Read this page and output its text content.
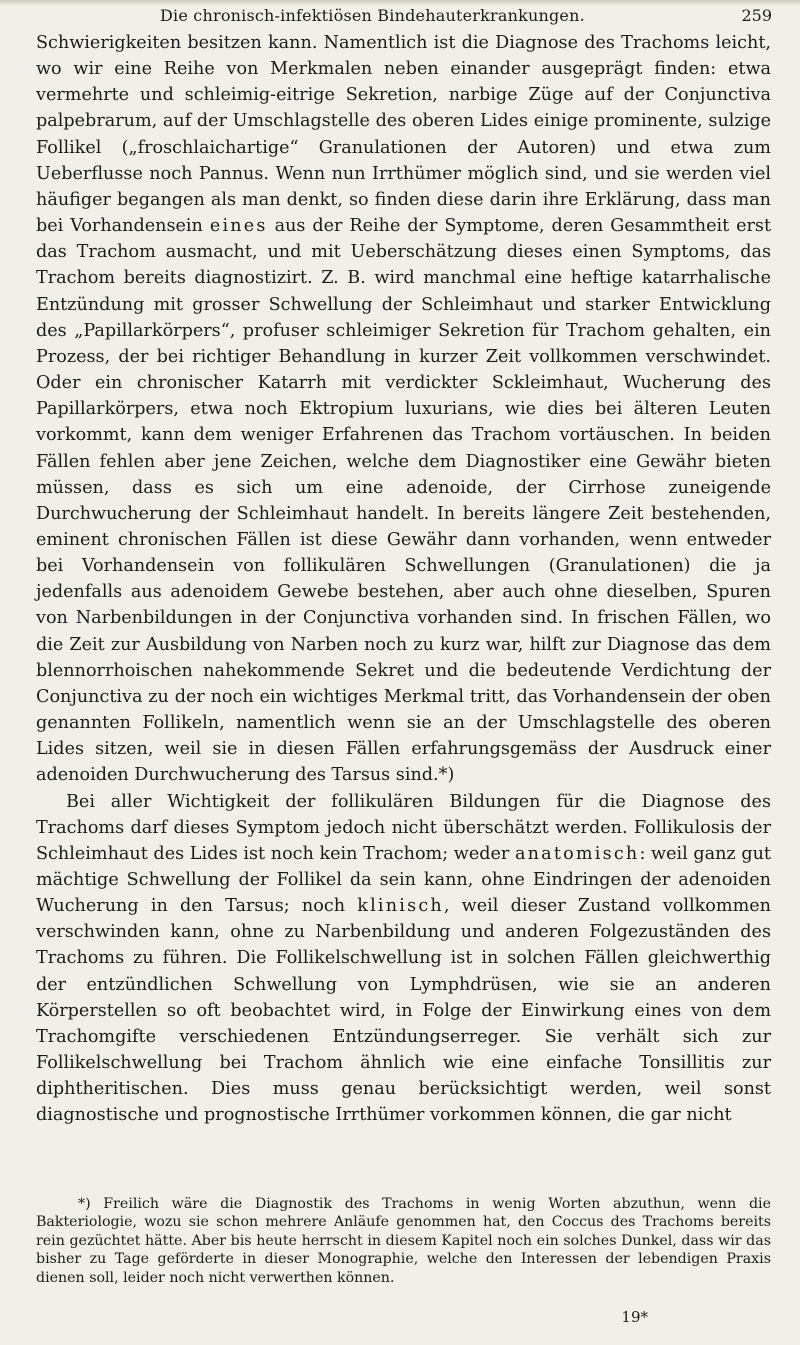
Die chronisch-infektiösen Bindehauterkrankungen.	259

Schwierigkeiten besitzen kann. Namentlich ist die Diagnose des Trachoms leicht, wo wir eine Reihe von Merkmalen neben einander ausgeprägt finden: etwa vermehrte und schleimig-eitrige Sekretion, narbige Züge auf der Conjunctiva palpebrarum, auf der Umschlagstelle des oberen Lides einige prominente, sulzige Follikel („froschlaichartige“ Granulationen der Autoren) und etwa zum Ueberflusse noch Pannus. Wenn nun Irrthümer möglich sind, und sie werden viel häufiger begangen als man denkt, so finden diese darin ihre Erklärung, dass man bei Vorhandensein eines aus der Reihe der Symptome, deren Gesammtheit erst das Trachom ausmacht, und mit Ueberschätzung dieses einen Symptoms, das Trachom bereits diagnostizirt. Z. B. wird manchmal eine heftige katarrhalische Entzündung mit grosser Schwellung der Schleimhaut und starker Entwicklung des „Papillarkörpers“, profuser schleimiger Sekretion für Trachom gehalten, ein Prozess, der bei richtiger Behandlung in kurzer Zeit vollkommen verschwindet. Oder ein chronischer Katarrh mit verdickter Sckleimhaut, Wucherung des Papillarkörpers, etwa noch Ektropium luxurians, wie dies bei älteren Leuten vorkommt, kann dem weniger Erfahrenen das Trachom vortäuschen. In beiden Fällen fehlen aber jene Zeichen, welche dem Diagnostiker eine Gewähr bieten müssen, dass es sich um eine adenoide, der Cirrhose zuneigende Durchwucherung der Schleimhaut handelt. In bereits längere Zeit bestehenden, eminent chronischen Fällen ist diese Gewähr dann vorhanden, wenn entweder bei Vorhandensein von follikulären Schwellungen (Granulationen) die ja jedenfalls aus adenoidem Gewebe bestehen, aber auch ohne dieselben, Spuren von Narbenbildungen in der Conjunctiva vorhanden sind. In frischen Fällen, wo die Zeit zur Ausbildung von Narben noch zu kurz war, hilft zur Diagnose das dem blennorrhoischen nahekommende Sekret und die bedeutende Verdichtung der Conjunctiva zu der noch ein wichtiges Merkmal tritt, das Vorhandensein der oben genannten Follikeln, namentlich wenn sie an der Umschlagstelle des oberen Lides sitzen, weil sie in diesen Fällen erfahrungsgemäss der Ausdruck einer adenoiden Durchwucherung des Tarsus sind.*)

Bei aller Wichtigkeit der follikulären Bildungen für die Diagnose des Trachoms darf dieses Symptom jedoch nicht überschätzt werden. Follikulosis der Schleimhaut des Lides ist noch kein Trachom; weder anatomisch: weil ganz gut mächtige Schwellung der Follikel da sein kann, ohne Eindringen der adenoiden Wucherung in den Tarsus; noch klinisch, weil dieser Zustand vollkommen verschwinden kann, ohne zu Narbenbildung und anderen Folgezuständen des Trachoms zu führen. Die Follikelschwellung ist in solchen Fällen gleichwerthig der entzündlichen Schwellung von Lymphdrüsen, wie sie an anderen Körperstellen so oft beobachtet wird, in Folge der Einwirkung eines von dem Trachomgifte verschiedenen Entzündungserreger. Sie verhält sich zur Follikelschwellung bei Trachom ähnlich wie eine einfache Tonsillitis zur diphtheritischen. Dies muss genau berücksichtigt werden, weil sonst diagnostische und prognostische Irrthümer vorkommen können, die gar nicht

*) Freilich wäre die Diagnostik des Trachoms in wenig Worten abzuthun, wenn die Bakteriologie, wozu sie schon mehrere Anläufe genommen hat, den Coccus des Trachoms bereits rein gezüchtet hätte. Aber bis heute herrscht in diesem Kapitel noch ein solches Dunkel, dass wir das bisher zu Tage geförderte in dieser Monographie, welche den Interessen der lebendigen Praxis dienen soll, leider noch nicht verwerthen können.

19*
